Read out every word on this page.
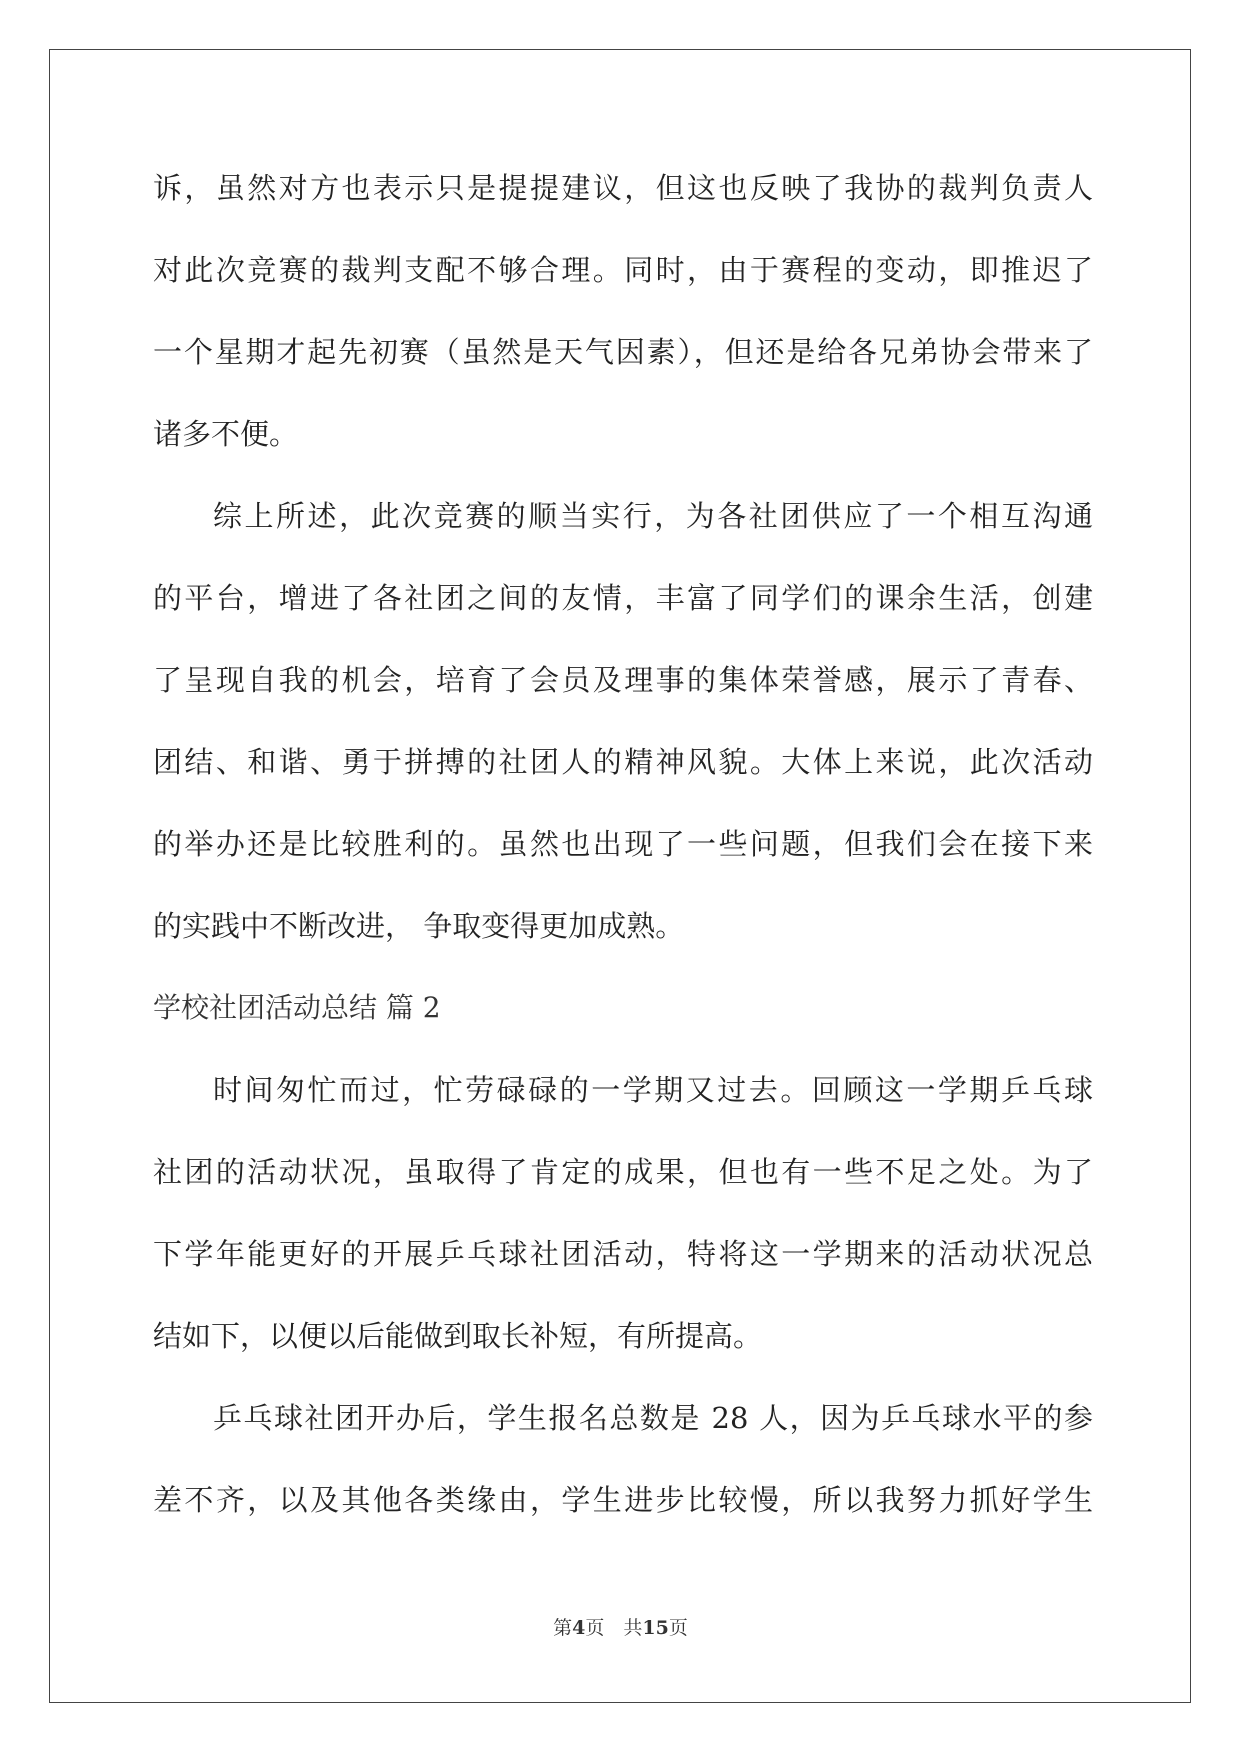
诉，虽然对方也表示只是提提建议，但这也反映了我协的裁判负责人
对此次竞赛的裁判支配不够合理。同时，由于赛程的变动，即推迟了
一个星期才起先初赛（虽然是天气因素），但还是给各兄弟协会带来了
诸多不便。
综上所述，此次竞赛的顺当实行，为各社团供应了一个相互沟通
的平台，增进了各社团之间的友情，丰富了同学们的课余生活，创建
了呈现自我的机会，培育了会员及理事的集体荣誉感，展示了青春、
团结、和谐、勇于拼搏的社团人的精神风貌。大体上来说，此次活动
的举办还是比较胜利的。虽然也出现了一些问题，但我们会在接下来
的实践中不断改进， 争取变得更加成熟。
学校社团活动总结 篇 2
时间匆忙而过，忙劳碌碌的一学期又过去。回顾这一学期乒乓球
社团的活动状况，虽取得了肯定的成果，但也有一些不足之处。为了
下学年能更好的开展乒乓球社团活动，特将这一学期来的活动状况总
结如下，以便以后能做到取长补短，有所提高。
乒乓球社团开办后，学生报名总数是 28 人，因为乒乓球水平的参
差不齐，以及其他各类缘由，学生进步比较慢，所以我努力抓好学生
第4页　共15页
